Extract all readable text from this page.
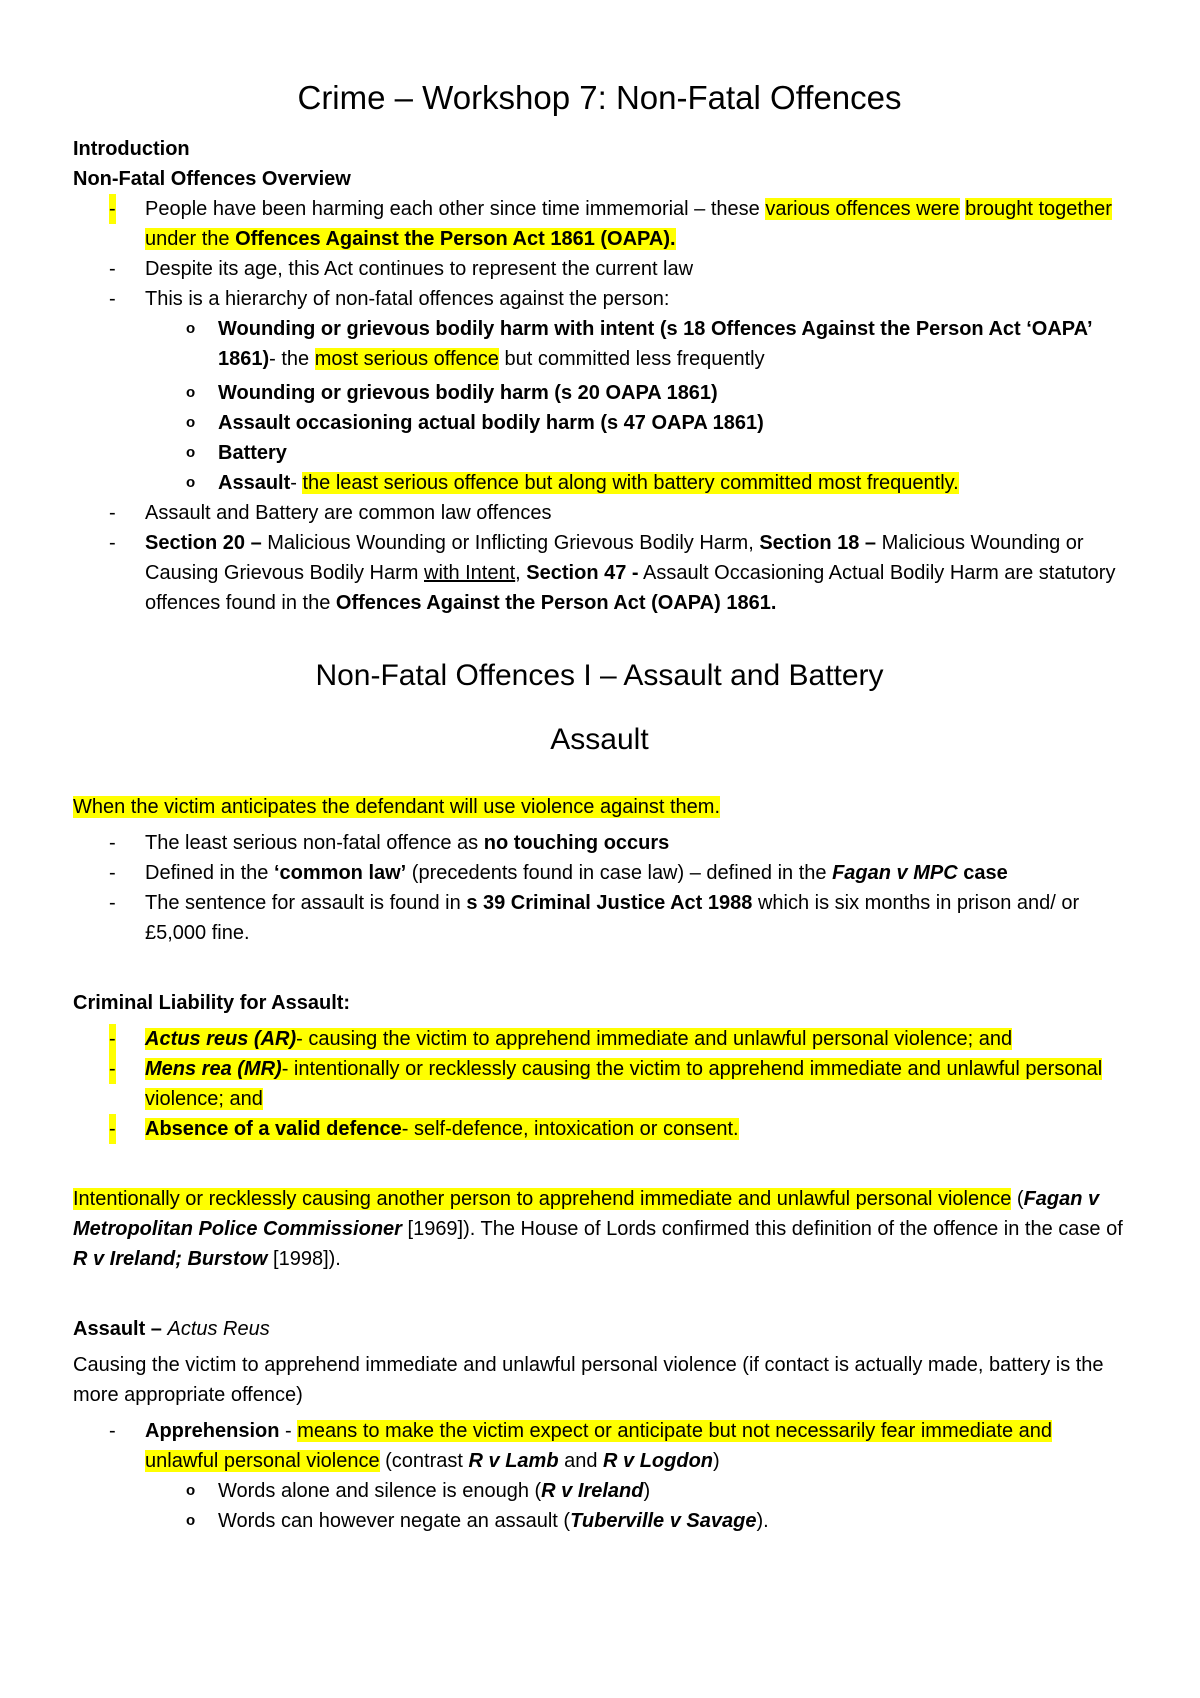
Crime – Workshop 7: Non-Fatal Offences

Introduction

Non-Fatal Offences Overview

- People have been harming each other since time immemorial – these various offences were brought together under the Offences Against the Person Act 1861 (OAPA).
- Despite its age, this Act continues to represent the current law
- This is a hierarchy of non-fatal offences against the person:
o Wounding or grievous bodily harm with intent (s 18 Offences Against the Person Act ‘OAPA’ 1861)- the most serious offence but committed less frequently
o Wounding or grievous bodily harm (s 20 OAPA 1861)
o Assault occasioning actual bodily harm (s 47 OAPA 1861)
o Battery
o Assault- the least serious offence but along with battery committed most frequently.
- Assault and Battery are common law offences
- Section 20 – Malicious Wounding or Inflicting Grievous Bodily Harm, Section 18 – Malicious Wounding or Causing Grievous Bodily Harm with Intent, Section 47 - Assault Occasioning Actual Bodily Harm are statutory offences found in the Offences Against the Person Act (OAPA) 1861.
Non-Fatal Offences I – Assault and Battery
Assault

When the victim anticipates the defendant will use violence against them.

- The least serious non-fatal offence as no touching occurs
- Defined in the ‘common law’ (precedents found in case law) – defined in the Fagan v MPC case
- The sentence for assault is found in s 39 Criminal Justice Act 1988 which is six months in prison and/ or £5,000 fine.

Criminal Liability for Assault:

- Actus reus (AR)- causing the victim to apprehend immediate and unlawful personal violence; and
- Mens rea (MR)- intentionally or recklessly causing the victim to apprehend immediate and unlawful personal violence; and
- Absence of a valid defence- self-defence, intoxication or consent.

Intentionally or recklessly causing another person to apprehend immediate and unlawful personal violence (Fagan v Metropolitan Police Commissioner [1969]). The House of Lords confirmed this definition of the offence in the case of R v Ireland; Burstow [1998]).

Assault – Actus Reus

Causing the victim to apprehend immediate and unlawful personal violence (if contact is actually made, battery is the more appropriate offence)

- Apprehension - means to make the victim expect or anticipate but not necessarily fear immediate and unlawful personal violence (contrast R v Lamb and R v Logdon)
o Words alone and silence is enough (R v Ireland)
o Words can however negate an assault (Tuberville v Savage).
